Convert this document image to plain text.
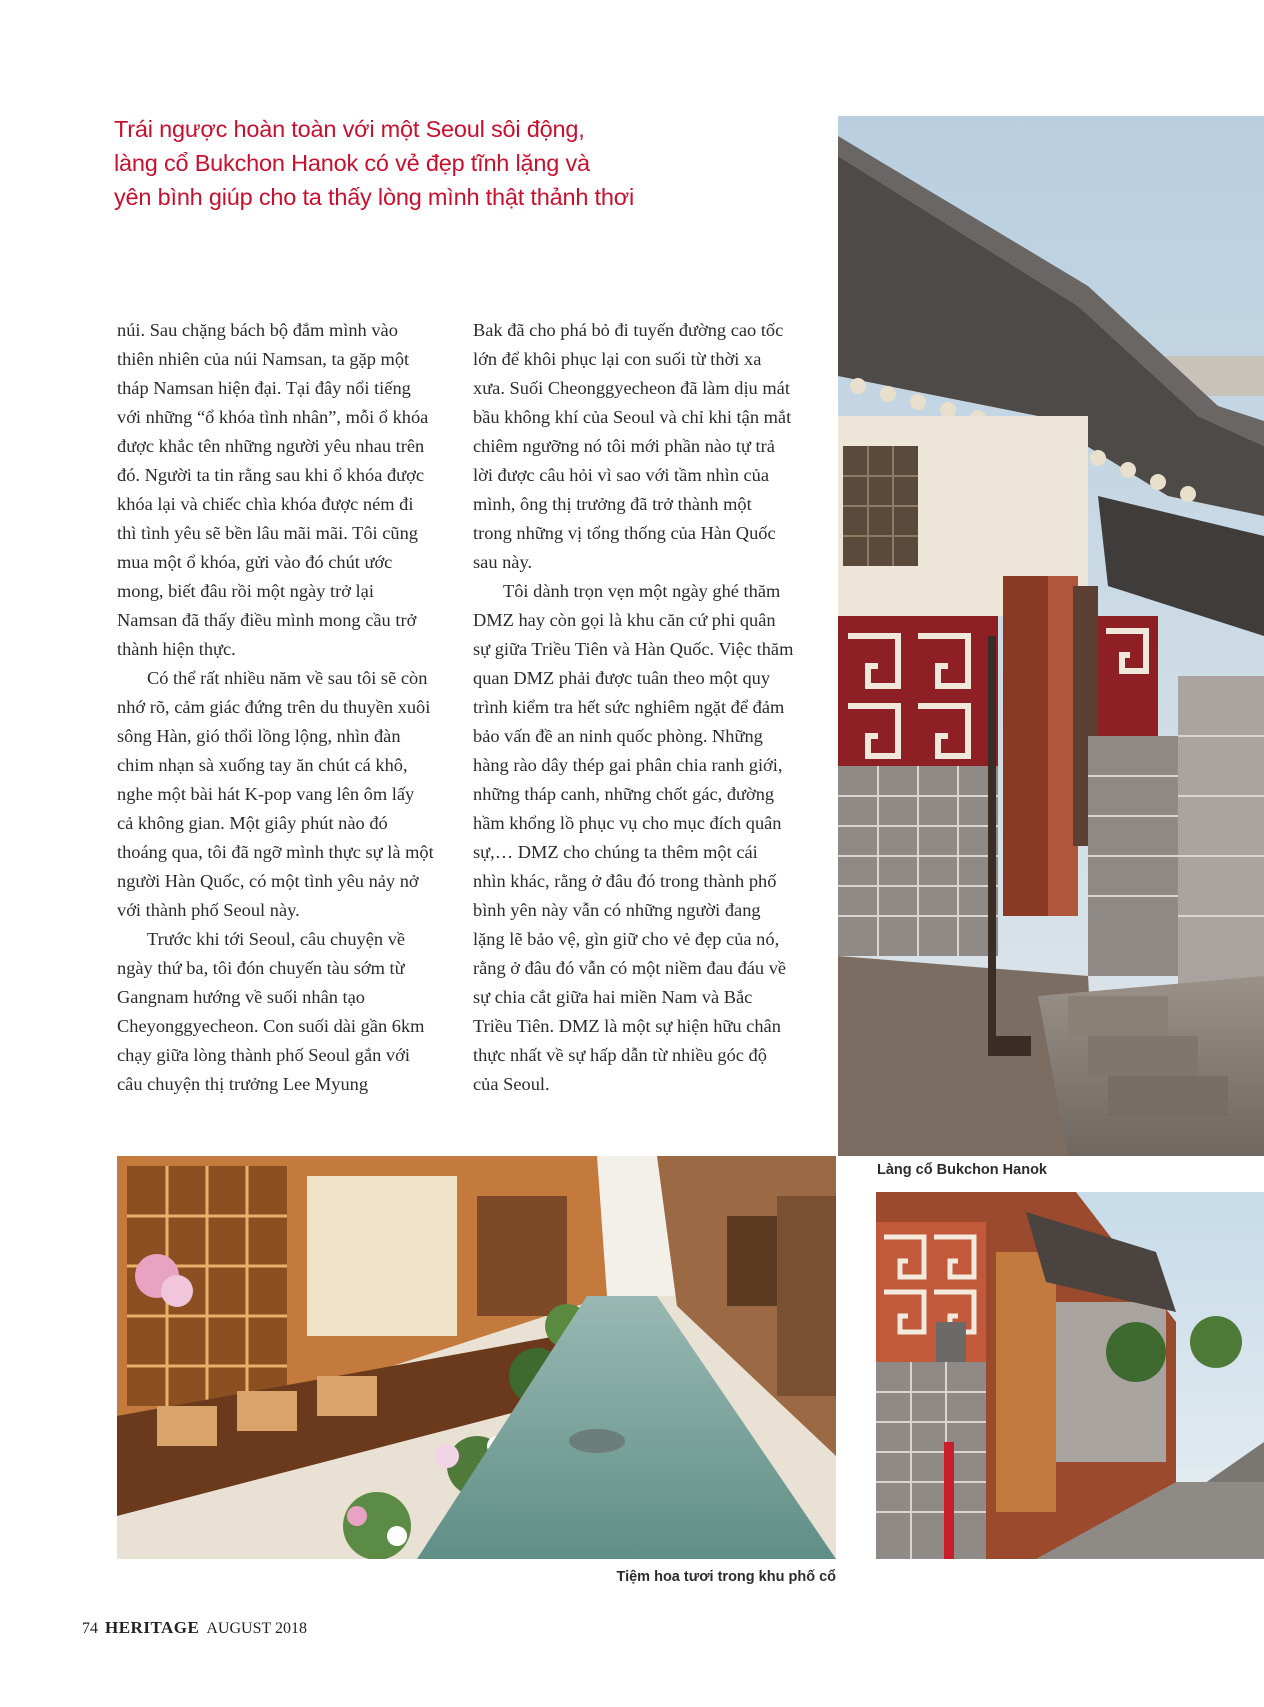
Trái ngược hoàn toàn với một Seoul sôi động,
làng cổ Bukchon Hanok có vẻ đẹp tĩnh lặng và
yên bình giúp cho ta thấy lòng mình thật thảnh thơi

núi. Sau chặng bách bộ đắm mình vào thiên nhiên của núi Namsan, ta gặp một tháp Namsan hiện đại. Tại đây nổi tiếng với những “ổ khóa tình nhân”, mỗi ổ khóa được khắc tên những người yêu nhau trên đó. Người ta tin rằng sau khi ổ khóa được khóa lại và chiếc chìa khóa được ném đi thì tình yêu sẽ bền lâu mãi mãi. Tôi cũng mua một ổ khóa, gửi vào đó chút ước mong, biết đâu rồi một ngày trở lại Namsan đã thấy điều mình mong cầu trở thành hiện thực.

Có thể rất nhiều năm về sau tôi sẽ còn nhớ rõ, cảm giác đứng trên du thuyền xuôi sông Hàn, gió thổi lồng lộng, nhìn đàn chim nhạn sà xuống tay ăn chút cá khô, nghe một bài hát K-pop vang lên ôm lấy cả không gian. Một giây phút nào đó thoáng qua, tôi đã ngỡ mình thực sự là một người Hàn Quốc, có một tình yêu nảy nở với thành phố Seoul này.

Trước khi tới Seoul, câu chuyện về ngày thứ ba, tôi đón chuyến tàu sớm từ Gangnam hướng về suối nhân tạo Cheyonggyecheon. Con suối dài gần 6km chạy giữa lòng thành phố Seoul gắn với câu chuyện thị trưởng Lee Myung

Bak đã cho phá bỏ đi tuyến đường cao tốc lớn để khôi phục lại con suối từ thời xa xưa. Suối Cheonggyecheon đã làm dịu mát bầu không khí của Seoul và chỉ khi tận mắt chiêm ngưỡng nó tôi mới phần nào tự trả lời được câu hỏi vì sao với tầm nhìn của mình, ông thị trưởng đã trở thành một trong những vị tổng thống của Hàn Quốc sau này.

Tôi dành trọn vẹn một ngày ghé thăm DMZ hay còn gọi là khu căn cứ phi quân sự giữa Triều Tiên và Hàn Quốc. Việc thăm quan DMZ phải được tuân theo một quy trình kiểm tra hết sức nghiêm ngặt để đảm bảo vấn đề an ninh quốc phòng. Những hàng rào dây thép gai phân chia ranh giới, những tháp canh, những chốt gác, đường hầm khổng lồ phục vụ cho mục đích quân sự,… DMZ cho chúng ta thêm một cái nhìn khác, rằng ở đâu đó trong thành phố bình yên này vẫn có những người đang lặng lẽ bảo vệ, gìn giữ cho vẻ đẹp của nó, rằng ở đâu đó vẫn có một niềm đau đáu về sự chia cắt giữa hai miền Nam và Bắc Triều Tiên. DMZ là một sự hiện hữu chân thực nhất về sự hấp dẫn từ nhiều góc độ của Seoul.

Làng cổ Bukchon Hanok
Tiệm hoa tươi trong khu phố cổ
74 HERITAGE AUGUST 2018
